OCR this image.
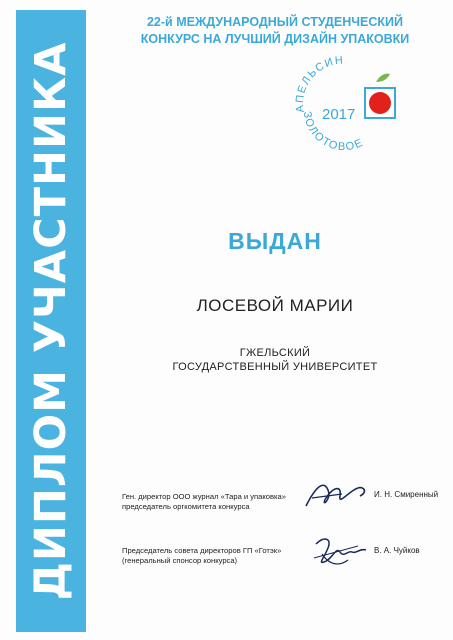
ДИПЛОМ УЧАСТНИКА
22-й МЕЖДУНАРОДНЫЙ СТУДЕНЧЕСКИЙ
КОНКУРС НА ЛУЧШИЙ ДИЗАЙН УПАКОВКИ
АПЕЛЬСИН
ЗОЛОТОВОЕ
2017
ВЫДАН
ЛОСЕВОЙ МАРИИ
ГЖЕЛЬСКИЙ
ГОСУДАРСТВЕННЫЙ УНИВЕРСИТЕТ
Ген. директор ООО журнал «Тара и упаковка»
председатель оргкомитета конкурса
И. Н. Смиренный
Председатель совета директоров ГП «Готэк»
(генеральный спонсор конкурса)
В. А. Чуйков
